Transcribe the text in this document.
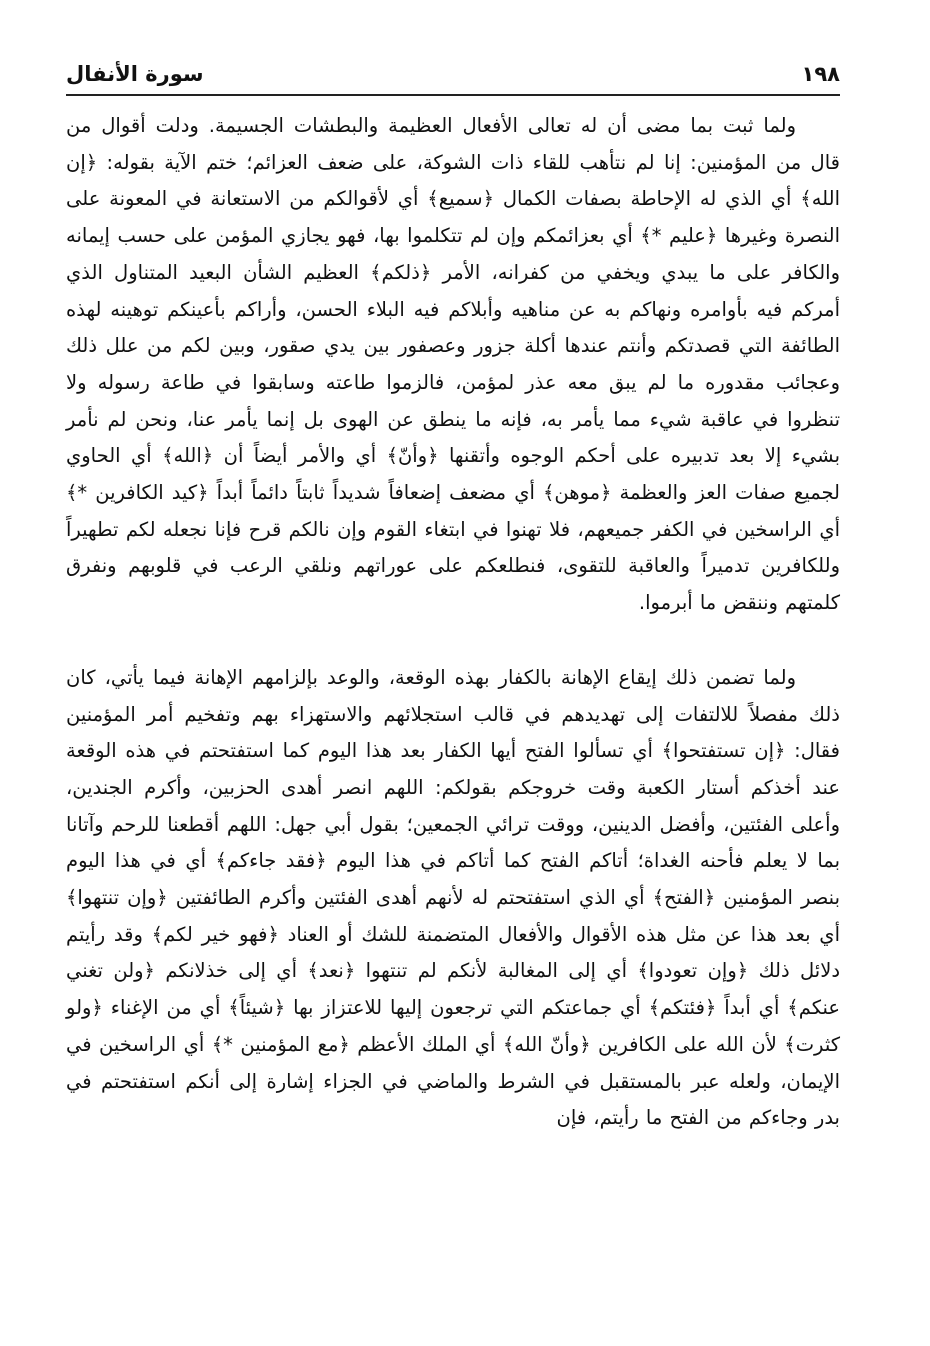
١٩٨
سورة الأنفال

ولما ثبت بما مضى أن له تعالى الأفعال العظيمة والبطشات الجسيمة. ودلت أقوال من قال من المؤمنين: إنا لم نتأهب للقاء ذات الشوكة، على ضعف العزائم؛ ختم الآية بقوله: ﴿إن الله﴾ أي الذي له الإحاطة بصفات الكمال ﴿سميع﴾ أي لأقوالكم من الاستعانة في المعونة على النصرة وغيرها ﴿عليم *﴾ أي بعزائمكم وإن لم تتكلموا بها، فهو يجازي المؤمن على حسب إيمانه والكافر على ما يبدي ويخفي من كفرانه، الأمر ﴿ذلكم﴾ العظيم الشأن البعيد المتناول الذي أمركم فيه بأوامره ونهاكم به عن مناهيه وأبلاكم فيه البلاء الحسن، وأراكم بأعينكم توهينه لهذه الطائفة التي قصدتكم وأنتم عندها أكلة جزور وعصفور بين يدي صقور، وبين لكم من علل ذلك وعجائب مقدوره ما لم يبق معه عذر لمؤمن، فالزموا طاعته وسابقوا في طاعة رسوله ولا تنظروا في عاقبة شيء مما يأمر به، فإنه ما ينطق عن الهوى بل إنما يأمر عنا، ونحن لم نأمر بشيء إلا بعد تدبيره على أحكم الوجوه وأتقنها ﴿وأنّ﴾ أي والأمر أيضاً أن ﴿الله﴾ أي الحاوي لجميع صفات العز والعظمة ﴿موهن﴾ أي مضعف إضعافاً شديداً ثابتاً دائماً أبداً ﴿كيد الكافرين *﴾ أي الراسخين في الكفر جميعهم، فلا تهنوا في ابتغاء القوم وإن نالكم قرح فإنا نجعله لكم تطهيراً وللكافرين تدميراً والعاقبة للتقوى، فنطلعكم على عوراتهم ونلقي الرعب في قلوبهم ونفرق كلمتهم وننقض ما أبرموا.

ولما تضمن ذلك إيقاع الإهانة بالكفار بهذه الوقعة، والوعد بإلزامهم الإهانة فيما يأتي، كان ذلك مفصلاً للالتفات إلى تهديدهم في قالب استجلائهم والاستهزاء بهم وتفخيم أمر المؤمنين فقال: ﴿إن تستفتحوا﴾ أي تسألوا الفتح أيها الكفار بعد هذا اليوم كما استفتحتم في هذه الوقعة عند أخذكم أستار الكعبة وقت خروجكم بقولكم: اللهم انصر أهدى الحزبين، وأكرم الجندين، وأعلى الفئتين، وأفضل الدينين، ووقت ترائي الجمعين؛ بقول أبي جهل: اللهم أقطعنا للرحم وآتانا بما لا يعلم فأحنه الغداة؛ أتاكم الفتح كما أتاكم في هذا اليوم ﴿فقد جاءكم﴾ أي في هذا اليوم بنصر المؤمنين ﴿الفتح﴾ أي الذي استفتحتم له لأنهم أهدى الفئتين وأكرم الطائفتين ﴿وإن تنتهوا﴾ أي بعد هذا عن مثل هذه الأقوال والأفعال المتضمنة للشك أو العناد ﴿فهو خير لكم﴾ وقد رأيتم دلائل ذلك ﴿وإن تعودوا﴾ أي إلى المغالبة لأنكم لم تنتهوا ﴿نعد﴾ أي إلى خذلانكم ﴿ولن تغني عنكم﴾ أي أبداً ﴿فئتكم﴾ أي جماعتكم التي ترجعون إليها للاعتزاز بها ﴿شيئاً﴾ أي من الإغناء ﴿ولو كثرت﴾ لأن الله على الكافرين ﴿وأنّ الله﴾ أي الملك الأعظم ﴿مع المؤمنين *﴾ أي الراسخين في الإيمان، ولعله عبر بالمستقبل في الشرط والماضي في الجزاء إشارة إلى أنكم استفتحتم في بدر وجاءكم من الفتح ما رأيتم، فإن
